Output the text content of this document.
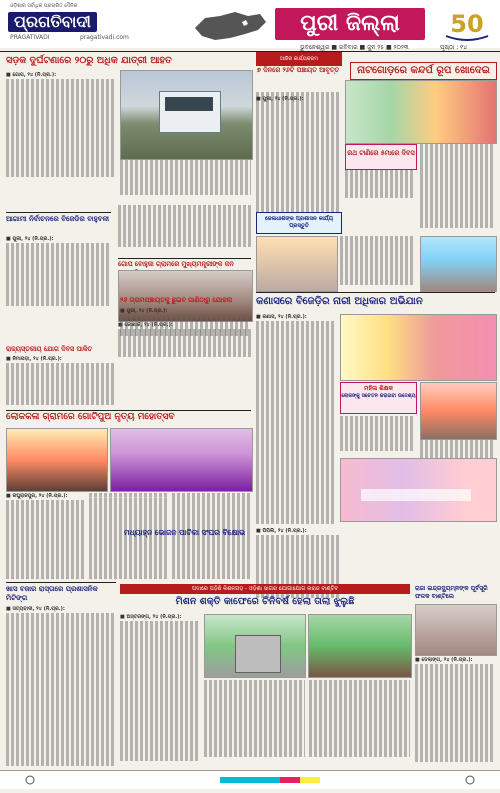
ଓଡ଼ିଶାର ସର୍ବାଧିକ ପ୍ରଚାରିତ ଦୈନିକ
ପ୍ରଗତିବାଦୀ
PRAGATIVADI	pragativadi.com
ପୁରୀ ଜିଲ୍ଲା	50
ଭୁବନେଶ୍ୱର ■ ରବିବାର ■ ଜୁନ ୨୫ ■ ୨୦୨୩	ପୃଷ୍ଠା : ୧୪
ସଡ଼କ ଦୁର୍ଘଟଣାରେ ୨୦ରୁ ଅଧିକ ଯାତ୍ରୀ ଆହତ
■ ଗୋପ, ୨୪ (ନି.ପ୍ର.):
ଆଗାମୀ ନିର୍ବାଚନରେ ବିଜେଡିର ବାହୁବଳୀ
■ ପୁରୀ, ୨୪ (ନି.ପ୍ର.):
ଗୋପ ବୋହୁଜା ଗ୍ରାମରେ ମୁଖ୍ୟମନ୍ତ୍ରୀଙ୍କ ଜନ
■ କୋଣାର୍କ, ୨୪ (ନି.ପ୍ର.):
ରାଜ୍ୟସ୍ତରୀୟ ଯୋଗ ଦିବସ ପାଳିତ
■ ନିମାପଡ଼ା, ୨୪ (ନି.ପ୍ର.):
ଆଜିର କାର୍ଯ୍ୟକ୍ରମ
୭ ଦିନରେ ୨୬ଟି ପଞ୍ଚାୟତ ଆବୃତ୍ତ	ନାଟଗୋଡ଼ରେ କନ୍ଦର୍ପ ରୂପ ଖୋଦେଇ
■ ପୁରୀ, ୨୪ (ନି.ପ୍ର.):
ରଥ ଟାଣିରେ ୫ମାରେ ଦିବସ
ଜେଳାଧୀଶଙ୍କ ପ୍ରଶାସନ କାର୍ଯ୍ୟ ପ୍ରସ୍ତୁତି
୨୬ ଗ୍ରାମପଞ୍ଚାୟତକୁ ଛୁଇବ ପାଣିଠାରୁ ଯୋଜନା
■ ପୁରୀ, ୨୪ (ନି.ପ୍ର.):
କଣାସରେ ବିଜେଡ଼ିର ନାରୀ ଅଧିକାର ଅଭିଯାନ
■ କଣାସ, ୨୪ (ନି.ପ୍ର.):
ମହିଳା ଶିକ୍ଷକ
ଲୋକଙ୍କୁ ସଚେତନ କରାଇବା ଉଦ୍ଦେଶ୍ୟ
ଲୋକକଳା ଗ୍ରାମରେ ଗୋଟିପୁଅ ନୃତ୍ୟ ମହୋତ୍ସବ
■ ରଘୁରାଜପୁର, ୨୪ (ନି.ପ୍ର.):
ମଧ୍ୟାହ୍ନ ଭୋଜନ ପାଚିକା ସଂଘର ବିକ୍ଷୋଭ	■ ପିପିଲି, ୨୪ (ନି.ପ୍ର.):
ଖାସ ବଜାର ରାସ୍ତାରେ ପ୍ରଶାସନିକ ମିଟିଙ୍ଗ
■ ସତ୍ୟବାଦୀ, ୨୪ (ନି.ପ୍ର.):
ପଦାରେ ପଡ଼ିଛି କିଶନଗଡ଼ - ଓଡ଼ିଶା ସାଗର ଯୋଗାଯୋଗ ନାରାଜ ବାଣ୍ଟିବ
ମିଶନ ଶକ୍ତି କାଫେରେ ଚିନିବର୍ଷ ହେଲା ତାଲା ଝୁଲୁଛି
■ ଅସ୍ତରଙ୍ଗ, ୨୪ (ନି.ପ୍ର.):
ରାଜା ଇନ୍ଦ୍ରଦ୍ୟୁମ୍ନଙ୍କ ପୂର୍ବସୂରି ଫଳକ ବାଣ୍ଟିଲେ
■ ଡେଲାଙ୍ଗ, ୨୪ (ନି.ପ୍ର.):
